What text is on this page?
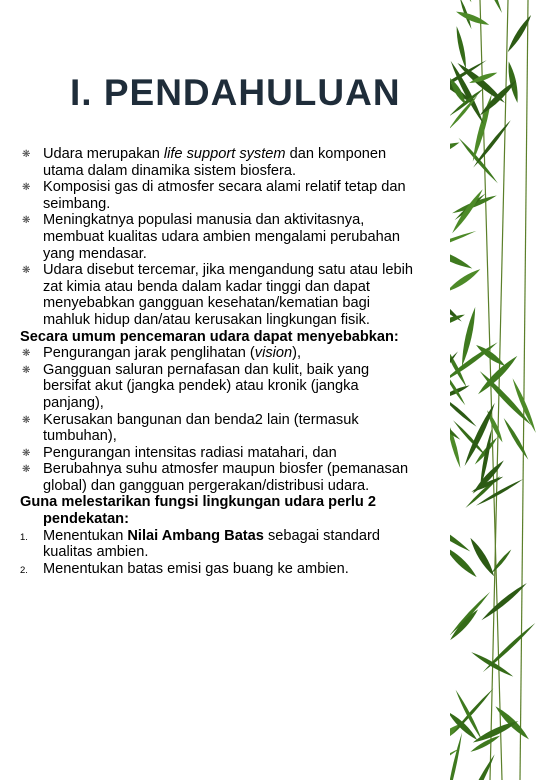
I. PENDAHULUAN
❋ Udara merupakan life support system dan komponen
utama dalam dinamika sistem biosfera.
❋ Komposisi gas di atmosfer secara alami relatif tetap dan
seimbang.
❋ Meningkatnya populasi manusia dan aktivitasnya,
membuat kualitas udara ambien mengalami perubahan
yang mendasar.
❋ Udara disebut tercemar, jika mengandung satu atau lebih
zat kimia atau benda dalam kadar tinggi dan dapat
menyebabkan gangguan kesehatan/kematian bagi
mahluk hidup dan/atau kerusakan lingkungan fisik.

Secara umum pencemaran udara dapat menyebabkan:

❋ Pengurangan jarak penglihatan (vision),
❋ Gangguan saluran pernafasan dan kulit, baik yang
bersifat akut (jangka pendek) atau kronik (jangka
panjang),
❋ Kerusakan bangunan dan benda2 lain (termasuk
tumbuhan),
❋ Pengurangan intensitas radiasi matahari, dan
❋ Berubahnya suhu atmosfer maupun biosfer (pemanasan
global) dan gangguan pergerakan/distribusi udara.

Guna melestarikan fungsi lingkungan udara perlu 2
pendekatan:

1. Menentukan Nilai Ambang Batas sebagai standard
kualitas ambien.
2. Menentukan batas emisi gas buang ke ambien.
